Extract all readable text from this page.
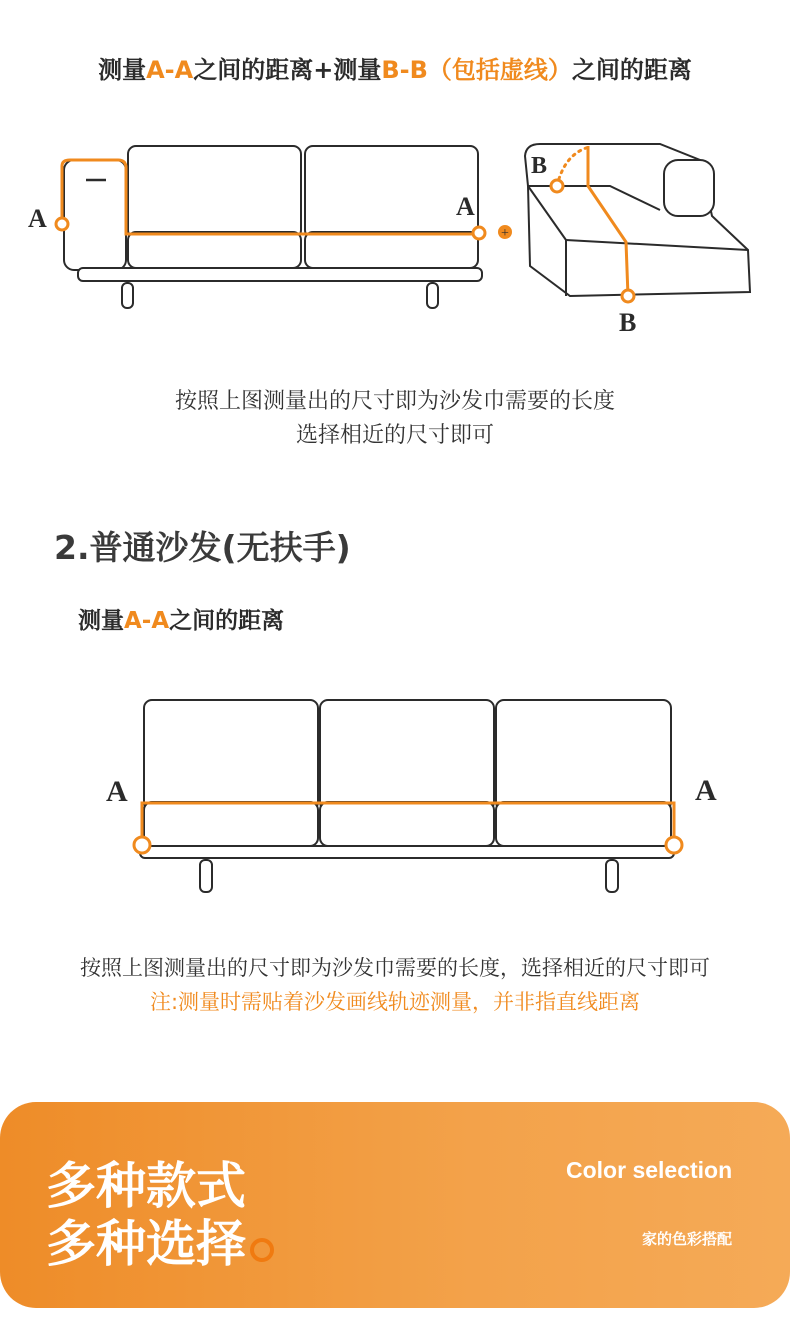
测量A-A之间的距离+测量B-B（包括虚线）之间的距离
+
A	A
B
B
按照上图测量出的尺寸即为沙发巾需要的长度
选择相近的尺寸即可
2.普通沙发(无扶手)
测量A-A之间的距离
A	A
按照上图测量出的尺寸即为沙发巾需要的长度，选择相近的尺寸即可
注:测量时需贴着沙发画线轨迹测量，并非指直线距离
多种款式
多种选择
Color selection
家的色彩搭配
